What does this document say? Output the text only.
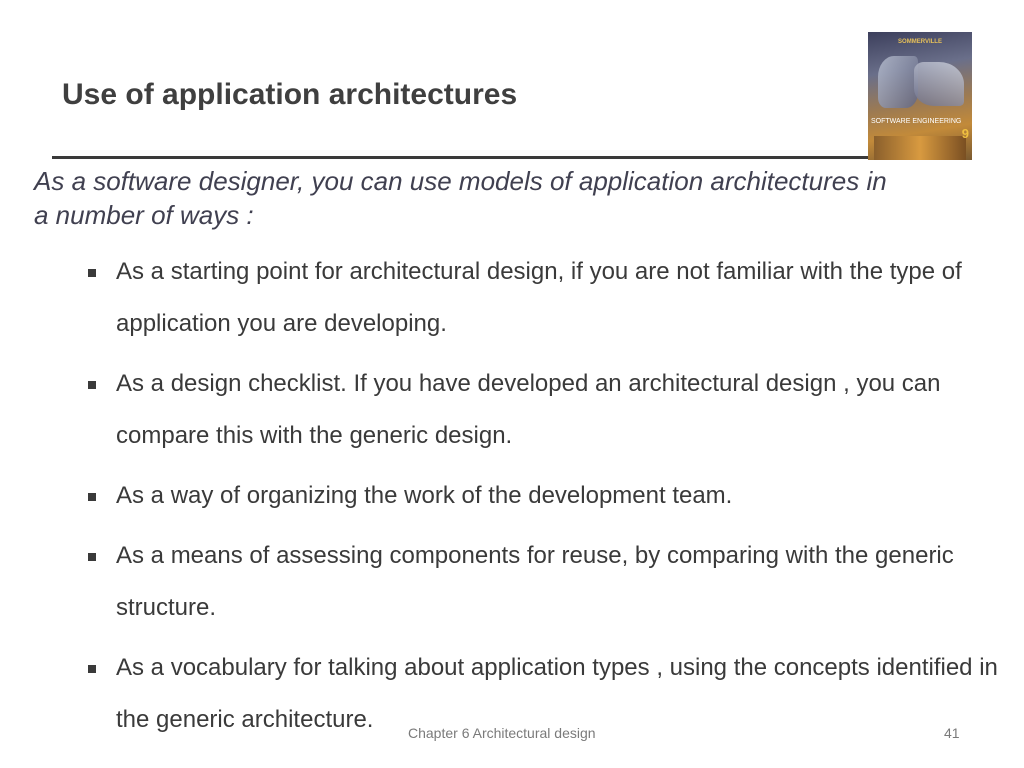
Use of application architectures
SOMMERVILLE
SOFTWARE ENGINEERING
9
As a software designer, you can use models of application architectures in a number of ways :
As a starting point for architectural design, if you are not familiar with the type of application you are developing.
As a design checklist. If you have developed an architectural design , you can compare this with the generic design.
As a way of organizing the work of the development team.
As a means of assessing components for reuse, by comparing with the generic structure.
As a vocabulary for talking about application types , using the concepts identified in the generic architecture.	Chapter 6 Architectural design	41
